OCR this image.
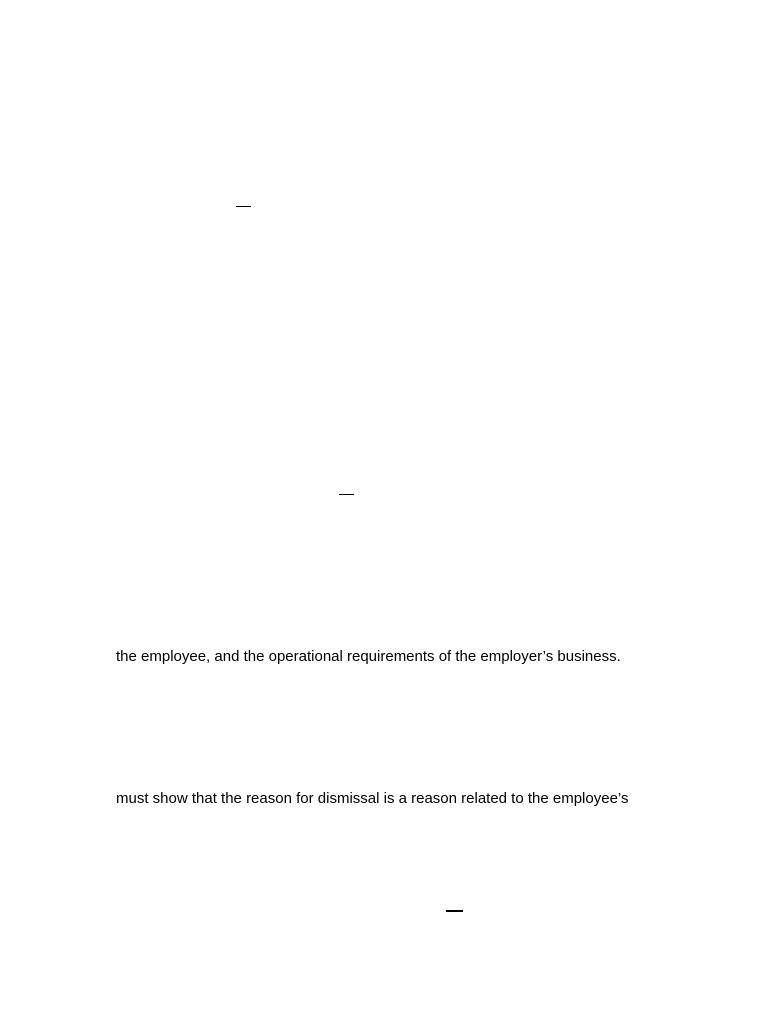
the employee, and the operational requirements of the employer’s business.
must show that the reason for dismissal is a reason related to the employee’s
